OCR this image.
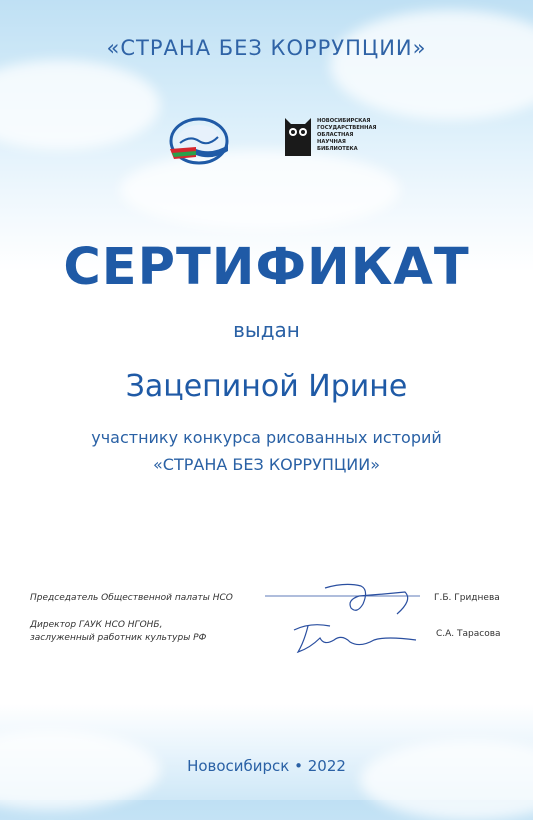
«СТРАНА БЕЗ КОРРУПЦИИ»
НОВОСИБИРСКАЯ ГОСУДАРСТВЕННАЯ ОБЛАСТНАЯ НАУЧНАЯ БИБЛИОТЕКА
СЕРТИФИКАТ
выдан
Зацепиной Ирине
участнику конкурса рисованных историй
«СТРАНА БЕЗ КОРРУПЦИИ»
Председатель Общественной палаты НСО	Г.Б. Гриднева
Директор ГАУК НСО НГОНБ,
заслуженный работник культуры РФ	С.А. Тарасова
Новосибирск • 2022
